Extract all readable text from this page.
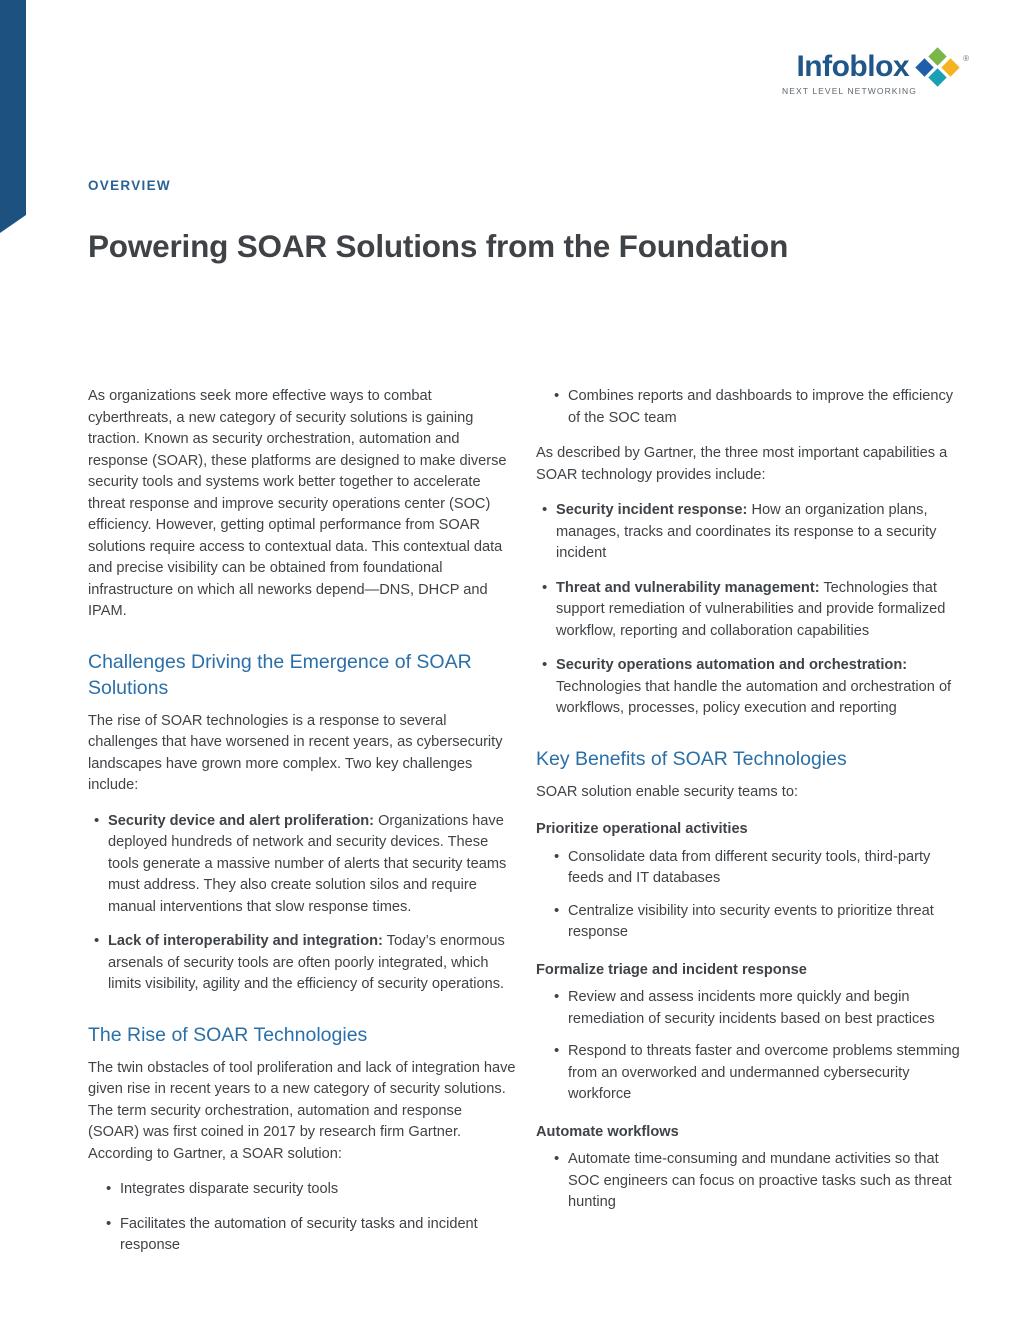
Infoblox	®
NEXT LEVEL NETWORKING
OVERVIEW
Powering SOAR Solutions from the Foundation

As organizations seek more effective ways to combat cyberthreats, a new category of security solutions is gaining traction. Known as security orchestration, automation and response (SOAR), these platforms are designed to make diverse security tools and systems work better together to accelerate threat response and improve security operations center (SOC) efficiency. However, getting optimal performance from SOAR solutions require access to contextual data. This contextual data and precise visibility can be obtained from foundational infrastructure on which all neworks depend—DNS, DHCP and IPAM.

Challenges Driving the Emergence of SOAR Solutions

The rise of SOAR technologies is a response to several challenges that have worsened in recent years, as cybersecurity landscapes have grown more complex. Two key challenges include:

• Security device and alert proliferation: Organizations have deployed hundreds of network and security devices. These tools generate a massive number of alerts that security teams must address. They also create solution silos and require manual interventions that slow response times.
• Lack of interoperability and integration: Today’s enormous arsenals of security tools are often poorly integrated, which limits visibility, agility and the efficiency of security operations.
The Rise of SOAR Technologies

The twin obstacles of tool proliferation and lack of integration have given rise in recent years to a new category of security solutions. The term security orchestration, automation and response (SOAR) was first coined in 2017 by research firm Gartner. According to Gartner, a SOAR solution:

• Integrates disparate security tools
• Facilitates the automation of security tasks and incident response
• Combines reports and dashboards to improve the efficiency of the SOC team

As described by Gartner, the three most important capabilities a SOAR technology provides include:

• Security incident response: How an organization plans, manages, tracks and coordinates its response to a security incident
• Threat and vulnerability management: Technologies that support remediation of vulnerabilities and provide formalized workflow, reporting and collaboration capabilities
• Security operations automation and orchestration: Technologies that handle the automation and orchestration of workflows, processes, policy execution and reporting
Key Benefits of SOAR Technologies

SOAR solution enable security teams to:

Prioritize operational activities
• Consolidate data from different security tools, third-party feeds and IT databases
• Centralize visibility into security events to prioritize threat response
Formalize triage and incident response
• Review and assess incidents more quickly and begin remediation of security incidents based on best practices
• Respond to threats faster and overcome problems stemming from an overworked and undermanned cybersecurity workforce
Automate workflows
• Automate time-consuming and mundane activities so that SOC engineers can focus on proactive tasks such as threat hunting
